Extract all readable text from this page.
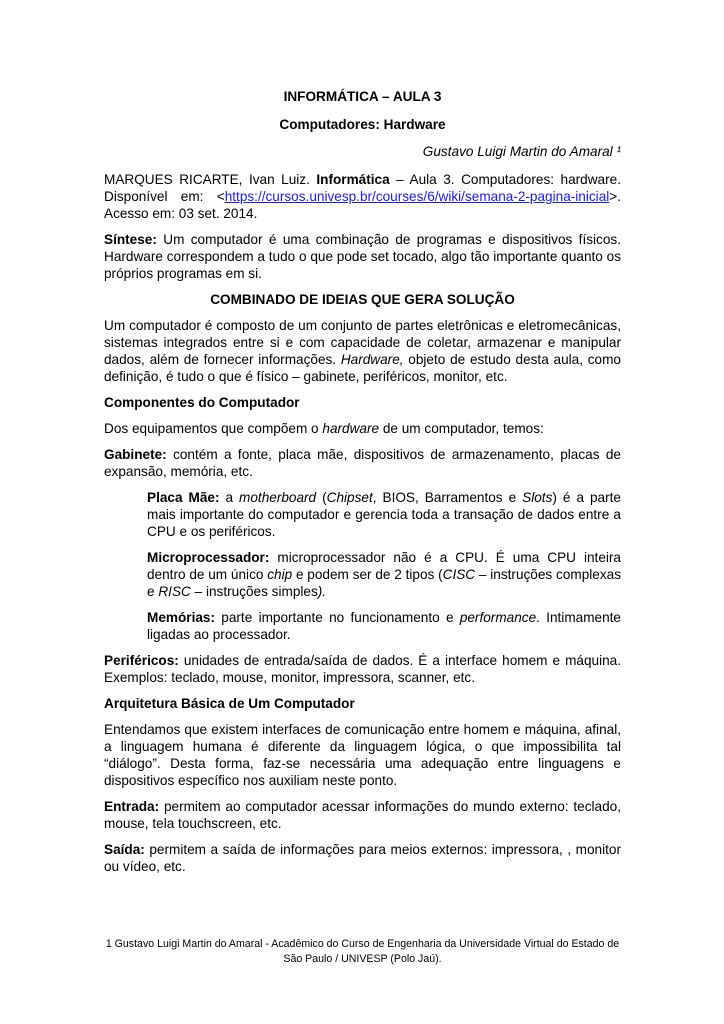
INFORMÁTICA – AULA 3
Computadores: Hardware
Gustavo Luigi Martin do Amaral ¹

MARQUES RICARTE, Ivan Luiz. Informática – Aula 3. Computadores: hardware. Disponível em: <https://cursos.univesp.br/courses/6/wiki/semana-2-pagina-inicial>. Acesso em: 03 set. 2014.

Síntese: Um computador é uma combinação de programas e dispositivos físicos. Hardware correspondem a tudo o que pode set tocado, algo tão importante quanto os próprios programas em si.

COMBINADO DE IDEIAS QUE GERA SOLUÇÃO

Um computador é composto de um conjunto de partes eletrônicas e eletromecânicas, sistemas integrados entre si e com capacidade de coletar, armazenar e manipular dados, além de fornecer informações. Hardware, objeto de estudo desta aula, como definição, é tudo o que é físico – gabinete, periféricos, monitor, etc.

Componentes do Computador

Dos equipamentos que compõem o hardware de um computador, temos:

Gabinete: contém a fonte, placa mãe, dispositivos de armazenamento, placas de expansão, memória, etc.

Placa Mãe: a motherboard (Chipset, BIOS, Barramentos e Slots) é a parte mais importante do computador e gerencia toda a transação de dados entre a CPU e os periféricos.

Microprocessador: microprocessador não é a CPU. É uma CPU inteira dentro de um único chip e podem ser de 2 tipos (CISC – instruções complexas e RISC – instruções simples).

Memórias: parte importante no funcionamento e performance. Intimamente ligadas ao processador.

Periféricos: unidades de entrada/saída de dados. É a interface homem e máquina. Exemplos: teclado, mouse, monitor, impressora, scanner, etc.

Arquitetura Básica de Um Computador

Entendamos que existem interfaces de comunicação entre homem e máquina, afinal, a linguagem humana é diferente da linguagem lógica, o que impossibilita tal “diálogo”. Desta forma, faz-se necessária uma adequação entre linguagens e dispositivos específico nos auxiliam neste ponto.

Entrada: permitem ao computador acessar informações do mundo externo: teclado, mouse, tela touchscreen, etc.

Saída: permitem a saída de informações para meios externos: impressora, , monitor ou vídeo, etc.

1 Gustavo Luigi Martin do Amaral - Acadêmico do Curso de Engenharia da Universidade Virtual do Estado de São Paulo / UNIVESP (Polo Jaú).
